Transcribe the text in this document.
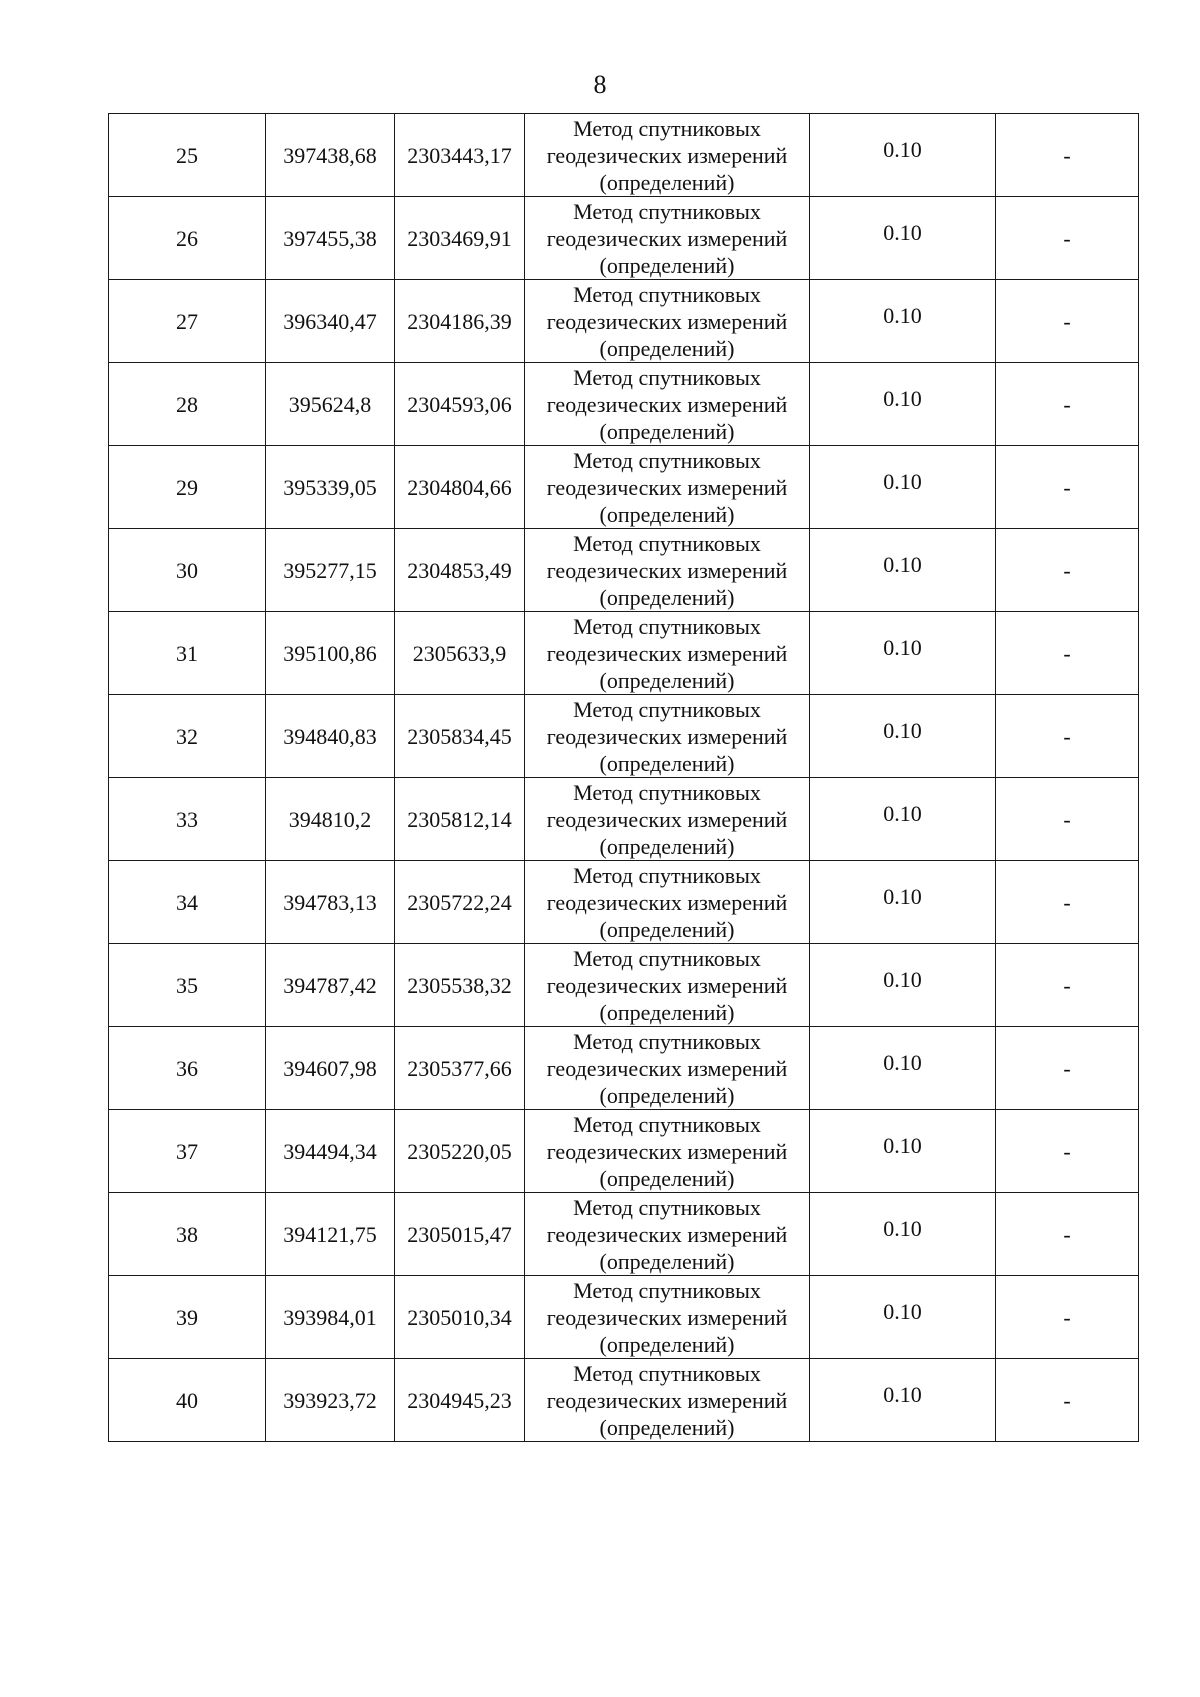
8
25	397438,68	2303443,17	Метод спутниковых
геодезических измерений
(определений)	0.10	-
26	397455,38	2303469,91	Метод спутниковых
геодезических измерений
(определений)	0.10	-
27	396340,47	2304186,39	Метод спутниковых
геодезических измерений
(определений)	0.10	-
28	395624,8	2304593,06	Метод спутниковых
геодезических измерений
(определений)	0.10	-
29	395339,05	2304804,66	Метод спутниковых
геодезических измерений
(определений)	0.10	-
30	395277,15	2304853,49	Метод спутниковых
геодезических измерений
(определений)	0.10	-
31	395100,86	2305633,9	Метод спутниковых
геодезических измерений
(определений)	0.10	-
32	394840,83	2305834,45	Метод спутниковых
геодезических измерений
(определений)	0.10	-
33	394810,2	2305812,14	Метод спутниковых
геодезических измерений
(определений)	0.10	-
34	394783,13	2305722,24	Метод спутниковых
геодезических измерений
(определений)	0.10	-
35	394787,42	2305538,32	Метод спутниковых
геодезических измерений
(определений)	0.10	-
36	394607,98	2305377,66	Метод спутниковых
геодезических измерений
(определений)	0.10	-
37	394494,34	2305220,05	Метод спутниковых
геодезических измерений
(определений)	0.10	-
38	394121,75	2305015,47	Метод спутниковых
геодезических измерений
(определений)	0.10	-
39	393984,01	2305010,34	Метод спутниковых
геодезических измерений
(определений)	0.10	-
40	393923,72	2304945,23	Метод спутниковых
геодезических измерений
(определений)	0.10	-
